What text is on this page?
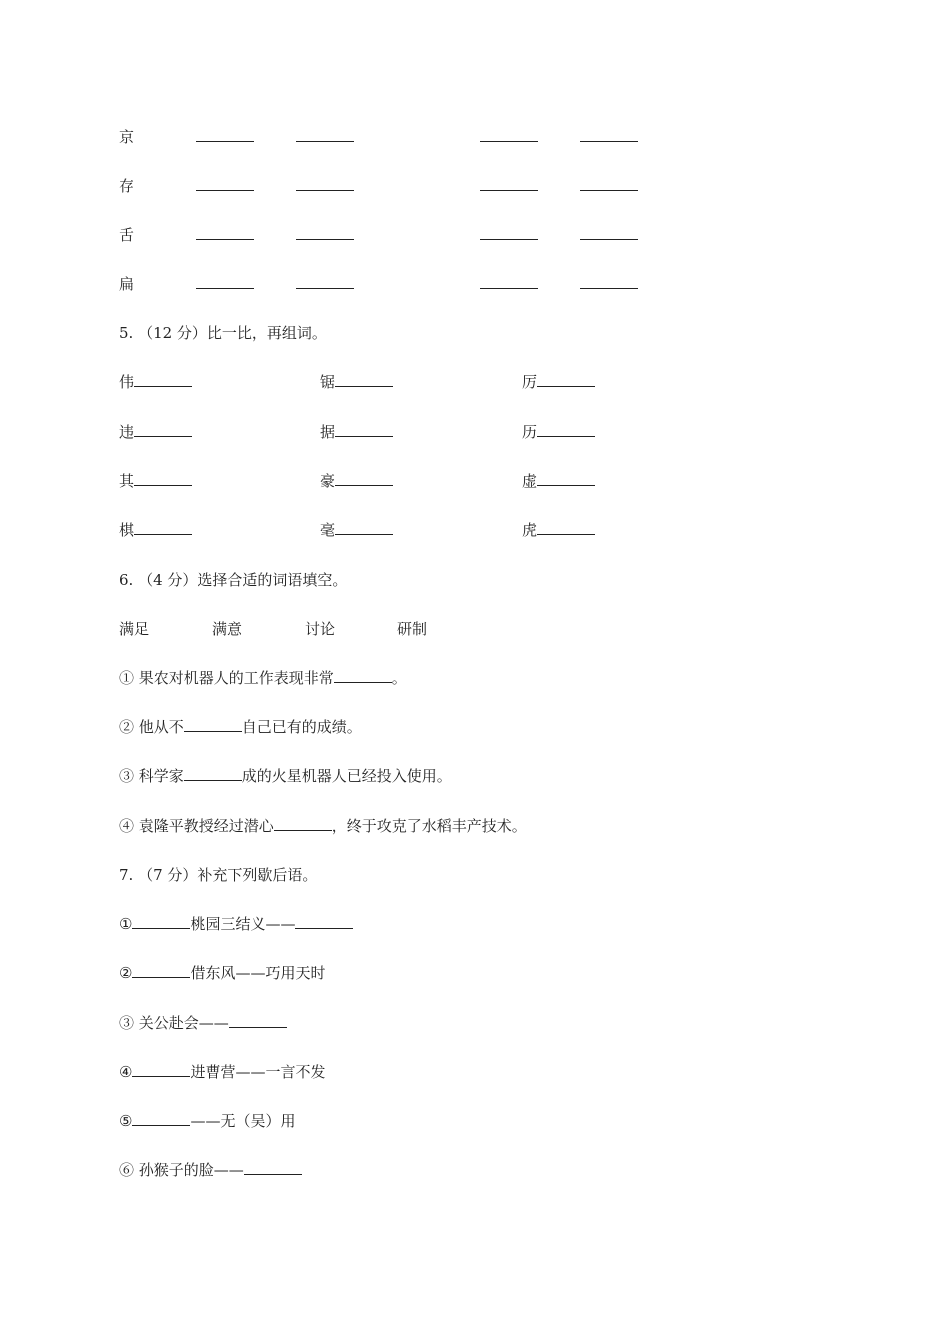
京
存
舌
扁
5. （12 分）比一比，再组词。
伟	锯	厉
违	据	历
其	豪	虚
棋	毫	虎
6. （4 分）选择合适的词语填空。
满足	满意	讨论	研制
① 果农对机器人的工作表现非常	。
② 他从不	自己已有的成绩。
③ 科学家	成的火星机器人已经投入使用。
④ 袁隆平教授经过潜心	，终于攻克了水稻丰产技术。
7. （7 分）补充下列歇后语。
①	桃园三结义——
②	借东风——巧用天时
③ 关公赴会——
④	进曹营——一言不发
⑤	——无（吴）用
⑥ 孙猴子的脸——
